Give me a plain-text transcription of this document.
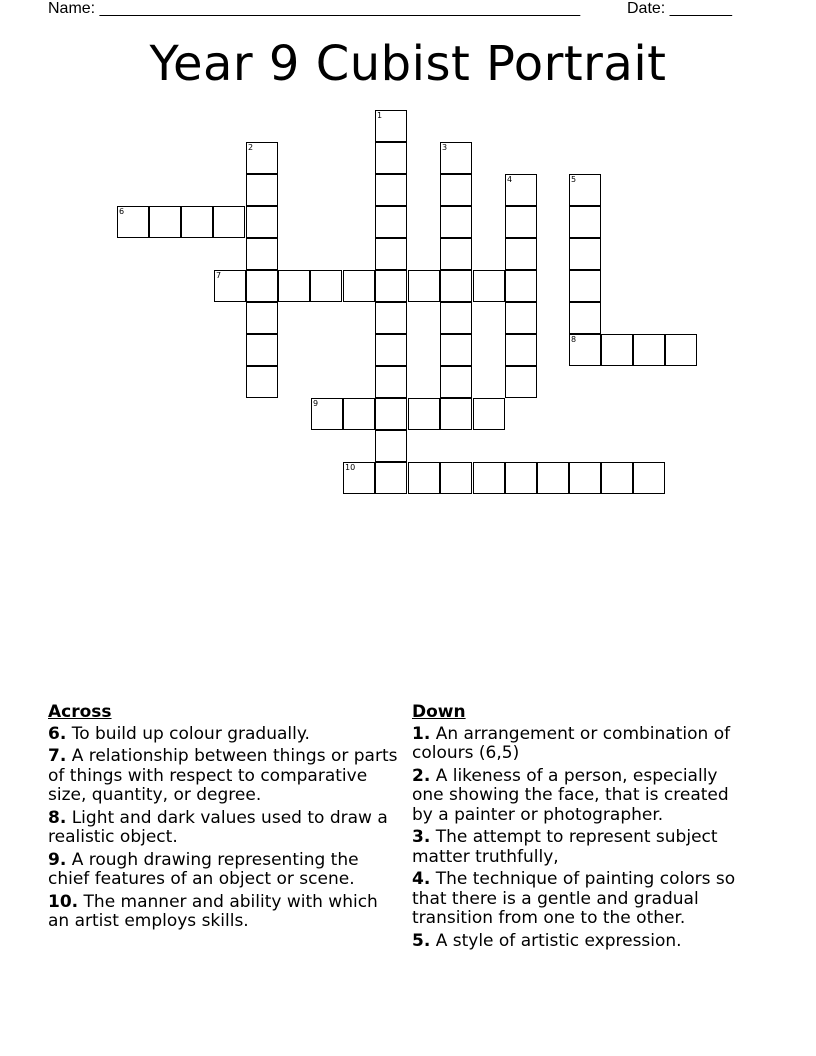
Name: ______________________________________________________	Date: _______
Year 9 Cubist Portrait
1
2	3
4	5
8
6
7
9
10
Across
6. To build up colour gradually.
7. A relationship between things or parts of things with respect to comparative size, quantity, or degree.
8. Light and dark values used to draw a realistic object.
9. A rough drawing representing the chief features of an object or scene.
10. The manner and ability with which an artist employs skills.
Down
1. An arrangement or combination of colours (6,5)
2. A likeness of a person, especially one showing the face, that is created by a painter or photographer.
3. The attempt to represent subject matter truthfully,
4. The technique of painting colors so that there is a gentle and gradual transition from one to the other.
5. A style of artistic expression.
